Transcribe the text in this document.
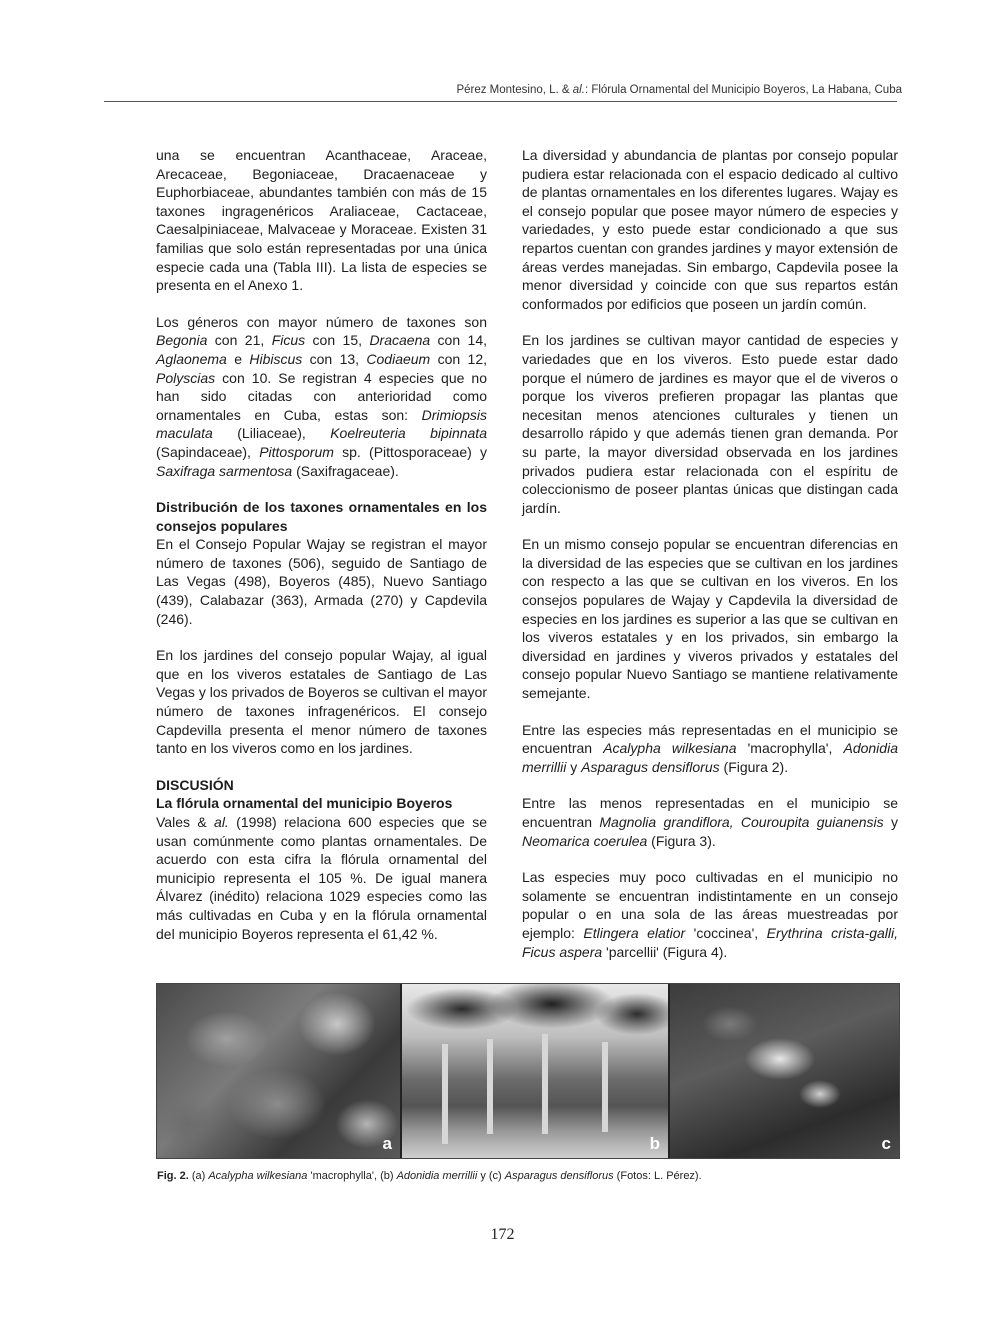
Pérez Montesino, L. & al.: Flórula Ornamental del Municipio Boyeros, La Habana, Cuba

una se encuentran Acanthaceae, Araceae, Arecaceae, Begoniaceae, Dracaenaceae y Euphorbiaceae, abundantes también con más de 15 taxones ingragenéricos Araliaceae, Cactaceae, Caesalpiniaceae, Malvaceae y Moraceae. Existen 31 familias que solo están representadas por una única especie cada una (Tabla III). La lista de especies se presenta en el Anexo 1.

Los géneros con mayor número de taxones son Begonia con 21, Ficus con 15, Dracaena con 14, Aglaonema e Hibiscus con 13, Codiaeum con 12, Polyscias con 10. Se registran 4 especies que no han sido citadas con anterioridad como ornamentales en Cuba, estas son: Drimiopsis maculata (Liliaceae), Koelreuteria bipinnata (Sapindaceae), Pittosporum sp. (Pittosporaceae) y Saxifraga sarmentosa (Saxifragaceae).

Distribución de los taxones ornamentales en los consejos populares

En el Consejo Popular Wajay se registran el mayor número de taxones (506), seguido de Santiago de Las Vegas (498), Boyeros (485), Nuevo Santiago (439), Calabazar (363), Armada (270) y Capdevila (246).

En los jardines del consejo popular Wajay, al igual que en los viveros estatales de Santiago de Las Vegas y los privados de Boyeros se cultivan el mayor número de taxones infragenéricos. El consejo Capdevilla presenta el menor número de taxones tanto en los viveros como en los jardines.

DISCUSIÓN
La flórula ornamental del municipio Boyeros

Vales & al. (1998) relaciona 600 especies que se usan comúnmente como plantas ornamentales. De acuerdo con esta cifra la flórula ornamental del municipio representa el 105 %. De igual manera Álvarez (inédito) relaciona 1029 especies como las más cultivadas en Cuba y en la flórula ornamental del municipio Boyeros representa el 61,42 %.

La diversidad y abundancia de plantas por consejo popular pudiera estar relacionada con el espacio dedicado al cultivo de plantas ornamentales en los diferentes lugares. Wajay es el consejo popular que posee mayor número de especies y variedades, y esto puede estar condicionado a que sus repartos cuentan con grandes jardines y mayor extensión de áreas verdes manejadas. Sin embargo, Capdevila posee la menor diversidad y coincide con que sus repartos están conformados por edificios que poseen un jardín común.

En los jardines se cultivan mayor cantidad de especies y variedades que en los viveros. Esto puede estar dado porque el número de jardines es mayor que el de viveros o porque los viveros prefieren propagar las plantas que necesitan menos atenciones culturales y tienen un desarrollo rápido y que además tienen gran demanda. Por su parte, la mayor diversidad observada en los jardines privados pudiera estar relacionada con el espíritu de coleccionismo de poseer plantas únicas que distingan cada jardín.

En un mismo consejo popular se encuentran diferencias en la diversidad de las especies que se cultivan en los jardines con respecto a las que se cultivan en los viveros. En los consejos populares de Wajay y Capdevila la diversidad de especies en los jardines es superior a las que se cultivan en los viveros estatales y en los privados, sin embargo la diversidad en jardines y viveros privados y estatales del consejo popular Nuevo Santiago se mantiene relativamente semejante.

Entre las especies más representadas en el municipio se encuentran Acalypha wilkesiana 'macrophylla', Adonidia merrillii y Asparagus densiflorus (Figura 2).

Entre las menos representadas en el municipio se encuentran Magnolia grandiflora, Couroupita guianensis y Neomarica coerulea (Figura 3).

Las especies muy poco cultivadas en el municipio no solamente se encuentran indistintamente en un consejo popular o en una sola de las áreas muestreadas por ejemplo: Etlingera elatior 'coccinea', Erythrina crista-galli, Ficus aspera 'parcellii' (Figura 4).

a	b	c
Fig. 2. (a) Acalypha wilkesiana 'macrophylla', (b) Adonidia merrillii y (c) Asparagus densiflorus (Fotos: L. Pérez).
172
